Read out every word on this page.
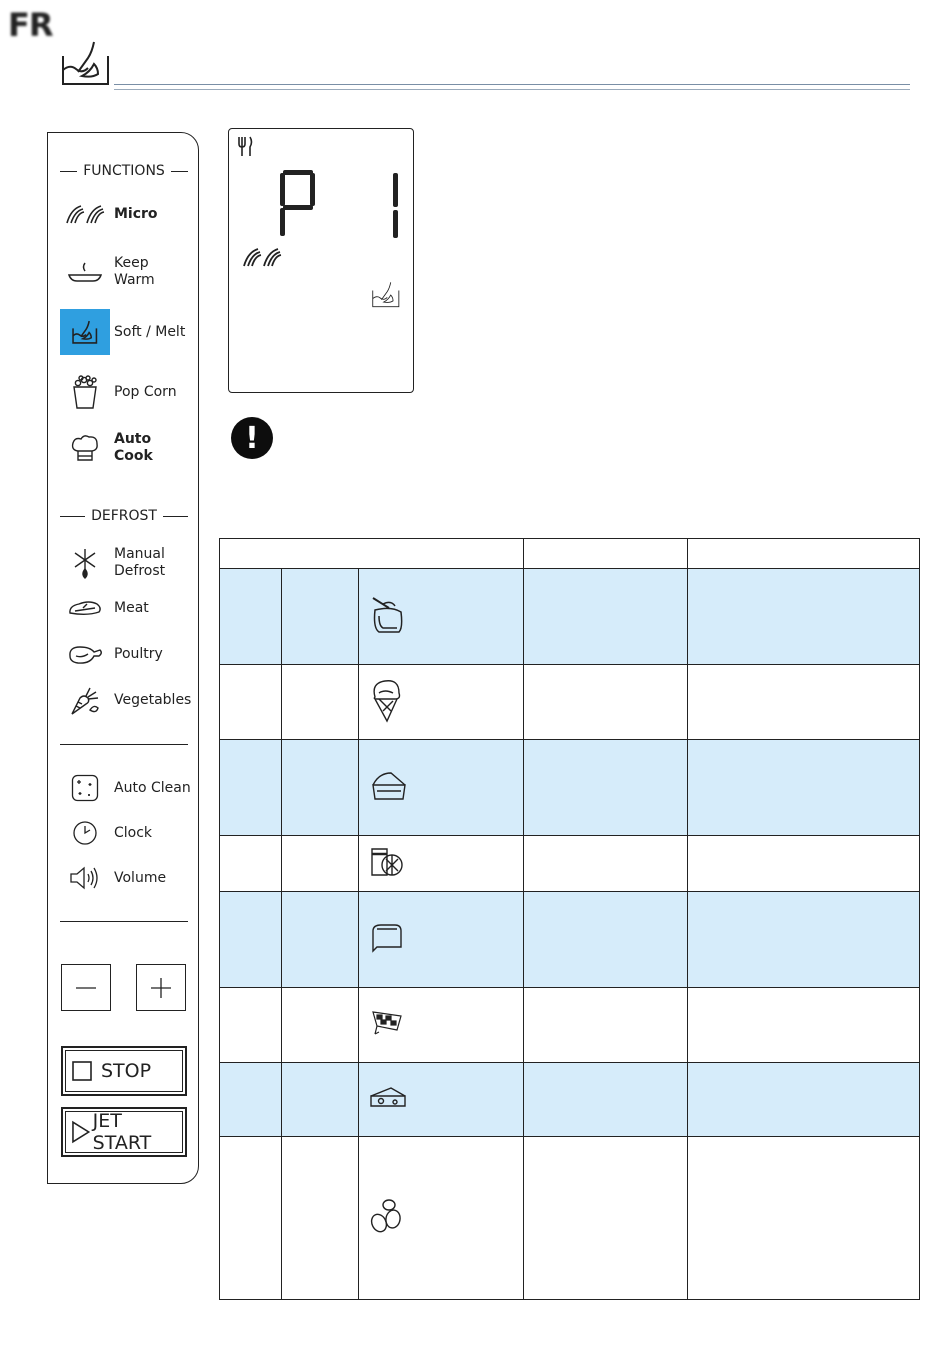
FR
FUNCTIONS
Micro
Keep
Warm
Soft / Melt
Pop Corn
Auto Cook
DEFROST
Manual
Defrost
Meat
Poultry
Vegetables
Auto Clean
Clock
Volume
STOP
JET START
!
